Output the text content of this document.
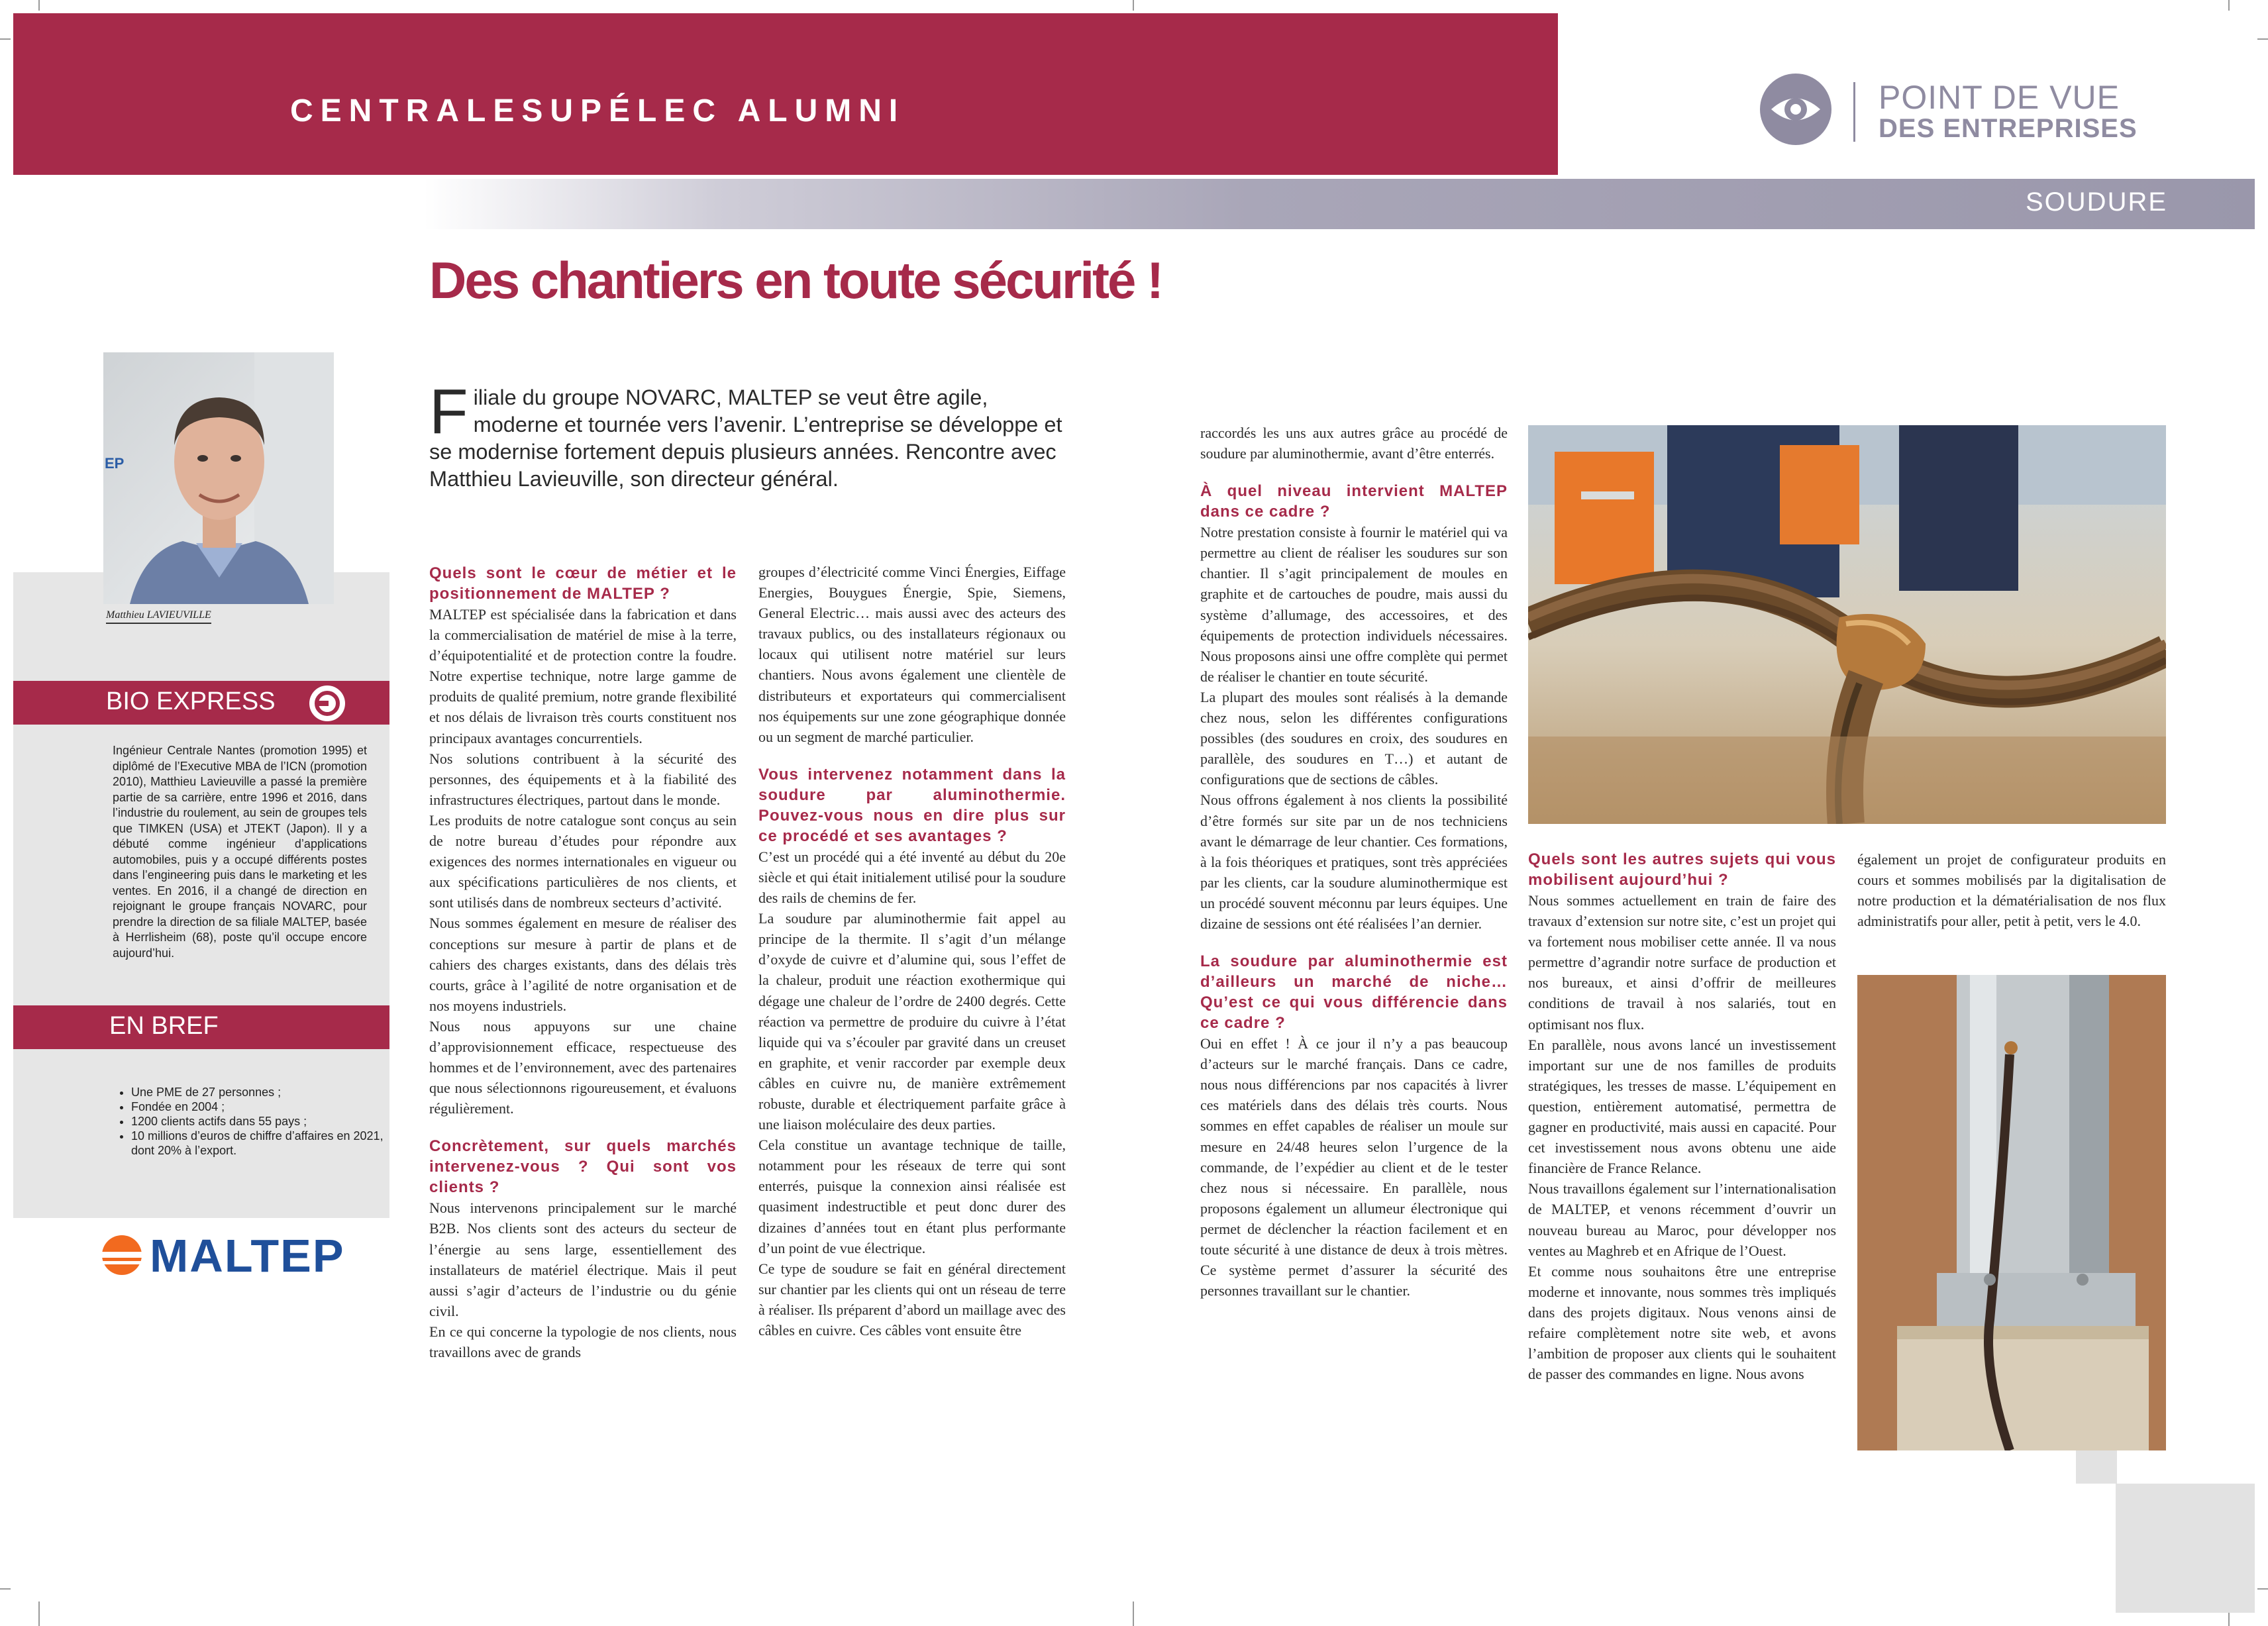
CENTRALESUPÉLEC ALUMNI	POINT DE VUE
DES ENTREPRISES
SOUDURE
Des chantiers en toute sécurité !
EP
Matthieu LAVIEUVILLE
BIO EXPRESS
Ingénieur Centrale Nantes (promotion 1995) et diplômé de l’Executive MBA de l’ICN (promotion 2010), Matthieu Lavieuville a passé la première partie de sa carrière, entre 1996 et 2016, dans l’industrie du roulement, au sein de groupes tels que TIMKEN (USA) et JTEKT (Japon). Il y a débuté comme ingénieur d’applications automobiles, puis y a occupé différents postes dans l’engineering puis dans le marketing et les ventes. En 2016, il a changé de direction en rejoignant le groupe français NOVARC, pour prendre la direction de sa filiale MALTEP, basée à Herrlisheim (68), poste qu’il occupe encore aujourd’hui.
EN BREF
• Une PME de 27 personnes ;
• Fondée en 2004 ;
• 1200 clients actifs dans 55 pays ;
• 10 millions d’euros de chiffre d’affaires en 2021, dont 20% à l’export.
MALTEP
Filiale du groupe NOVARC, MALTEP se veut être agile, moderne et tournée vers l’avenir. L’entreprise se développe et se modernise fortement depuis plusieurs années. Rencontre avec Matthieu Lavieuville, son directeur général.
Quels sont le cœur de métier et le positionnement de MALTEP ?

MALTEP est spécialisée dans la fabrication et dans la commercialisation de matériel de mise à la terre, d’équipotentialité et de protection contre la foudre. Notre expertise technique, notre large gamme de produits de qualité premium, notre grande flexibilité et nos délais de livraison très courts constituent nos principaux avantages concurrentiels.

Nos solutions contribuent à la sécurité des personnes, des équipements et à la fiabilité des infrastructures électriques, partout dans le monde.

Les produits de notre catalogue sont conçus au sein de notre bureau d’études pour répondre aux exigences des normes internationales en vigueur ou aux spécifications particulières de nos clients, et sont utilisés dans de nombreux secteurs d’activité.

Nous sommes également en mesure de réaliser des conceptions sur mesure à partir de plans et de cahiers des charges existants, dans des délais très courts, grâce à l’agilité de notre organisation et de nos moyens industriels.

Nous nous appuyons sur une chaine d’approvisionnement efficace, respectueuse des hommes et de l’environnement, avec des partenaires que nous sélectionnons rigoureusement, et évaluons régulièrement.

Concrètement, sur quels marchés intervenez-vous ? Qui sont vos clients ?

Nous intervenons principalement sur le marché B2B. Nos clients sont des acteurs du secteur de l’énergie au sens large, essentiellement des installateurs de matériel électrique. Mais il peut aussi s’agir d’acteurs de l’industrie ou du génie civil.

En ce qui concerne la typologie de nos clients, nous travaillons avec de grands

groupes d’électricité comme Vinci Énergies, Eiffage Energies, Bouygues Énergie, Spie, Siemens, General Electric… mais aussi avec des acteurs des travaux publics, ou des installateurs régionaux ou locaux qui utilisent notre matériel sur leurs chantiers. Nous avons également une clientèle de distributeurs et exportateurs qui commercialisent nos équipements sur une zone géographique donnée ou un segment de marché particulier.

Vous intervenez notamment dans la soudure par aluminothermie. Pouvez-vous nous en dire plus sur ce procédé et ses avantages ?

C’est un procédé qui a été inventé au début du 20e siècle et qui était initialement utilisé pour la soudure des rails de chemins de fer.

La soudure par aluminothermie fait appel au principe de la thermite. Il s’agit d’un mélange d’oxyde de cuivre et d’alumine qui, sous l’effet de la chaleur, produit une réaction exothermique qui dégage une chaleur de l’ordre de 2400 degrés. Cette réaction va permettre de produire du cuivre à l’état liquide qui va s’écouler par gravité dans un creuset en graphite, et venir raccorder par exemple deux câbles en cuivre nu, de manière extrêmement robuste, durable et électriquement parfaite grâce à une liaison moléculaire des deux parties.

Cela constitue un avantage technique de taille, notamment pour les réseaux de terre qui sont enterrés, puisque la connexion ainsi réalisée est quasiment indestructible et peut donc durer des dizaines d’années tout en étant plus performante d’un point de vue électrique.

Ce type de soudure se fait en général directement sur chantier par les clients qui ont un réseau de terre à réaliser. Ils préparent d’abord un maillage avec des câbles en cuivre. Ces câbles vont ensuite être

raccordés les uns aux autres grâce au procédé de soudure par aluminothermie, avant d’être enterrés.

À quel niveau intervient MALTEP dans ce cadre ?

Notre prestation consiste à fournir le matériel qui va permettre au client de réaliser les soudures sur son chantier. Il s’agit principalement de moules en graphite et de cartouches de poudre, mais aussi du système d’allumage, des accessoires, et des équipements de protection individuels nécessaires. Nous proposons ainsi une offre complète qui permet de réaliser le chantier en toute sécurité.

La plupart des moules sont réalisés à la demande chez nous, selon les différentes configurations possibles (des soudures en croix, des soudures en parallèle, des soudures en T…) et autant de configurations que de sections de câbles.

Nous offrons également à nos clients la possibilité d’être formés sur site par un de nos techniciens avant le démarrage de leur chantier. Ces formations, à la fois théoriques et pratiques, sont très appréciées par les clients, car la soudure aluminothermique est un procédé souvent méconnu par leurs équipes. Une dizaine de sessions ont été réalisées l’an dernier.

La soudure par aluminothermie est d’ailleurs un marché de niche… Qu’est ce qui vous différencie dans ce cadre ?

Oui en effet ! À ce jour il n’y a pas beaucoup d’acteurs sur le marché français. Dans ce cadre, nous nous différencions par nos capacités à livrer ces matériels dans des délais très courts. Nous sommes en effet capables de réaliser un moule sur mesure en 24/48 heures selon l’urgence de la commande, de l’expédier au client et de le tester chez nous si nécessaire. En parallèle, nous proposons également un allumeur électronique qui permet de déclencher la réaction facilement et en toute sécurité à une distance de deux à trois mètres. Ce système permet d’assurer la sécurité des personnes travaillant sur le chantier.

Quels sont les autres sujets qui vous mobilisent aujourd’hui ?

Nous sommes actuellement en train de faire des travaux d’extension sur notre site, c’est un projet qui va fortement nous mobiliser cette année. Il va nous permettre d’agrandir notre surface de production et nos bureaux, et ainsi d’offrir de meilleures conditions de travail à nos salariés, tout en optimisant nos flux.

En parallèle, nous avons lancé un investissement important sur une de nos familles de produits stratégiques, les tresses de masse. L’équipement en question, entièrement automatisé, permettra de gagner en productivité, mais aussi en capacité. Pour cet investissement nous avons obtenu une aide financière de France Relance.

Nous travaillons également sur l’internationalisation de MALTEP, et venons récemment d’ouvrir un nouveau bureau au Maroc, pour développer nos ventes au Maghreb et en Afrique de l’Ouest.

Et comme nous souhaitons être une entreprise moderne et innovante, nous sommes très impliqués dans des projets digitaux. Nous venons ainsi de refaire complètement notre site web, et avons l’ambition de proposer aux clients qui le souhaitent de passer des commandes en ligne. Nous avons

également un projet de configurateur produits en cours et sommes mobilisés par la digitalisation de notre production et la dématérialisation de nos flux administratifs pour aller, petit à petit, vers le 4.0.
